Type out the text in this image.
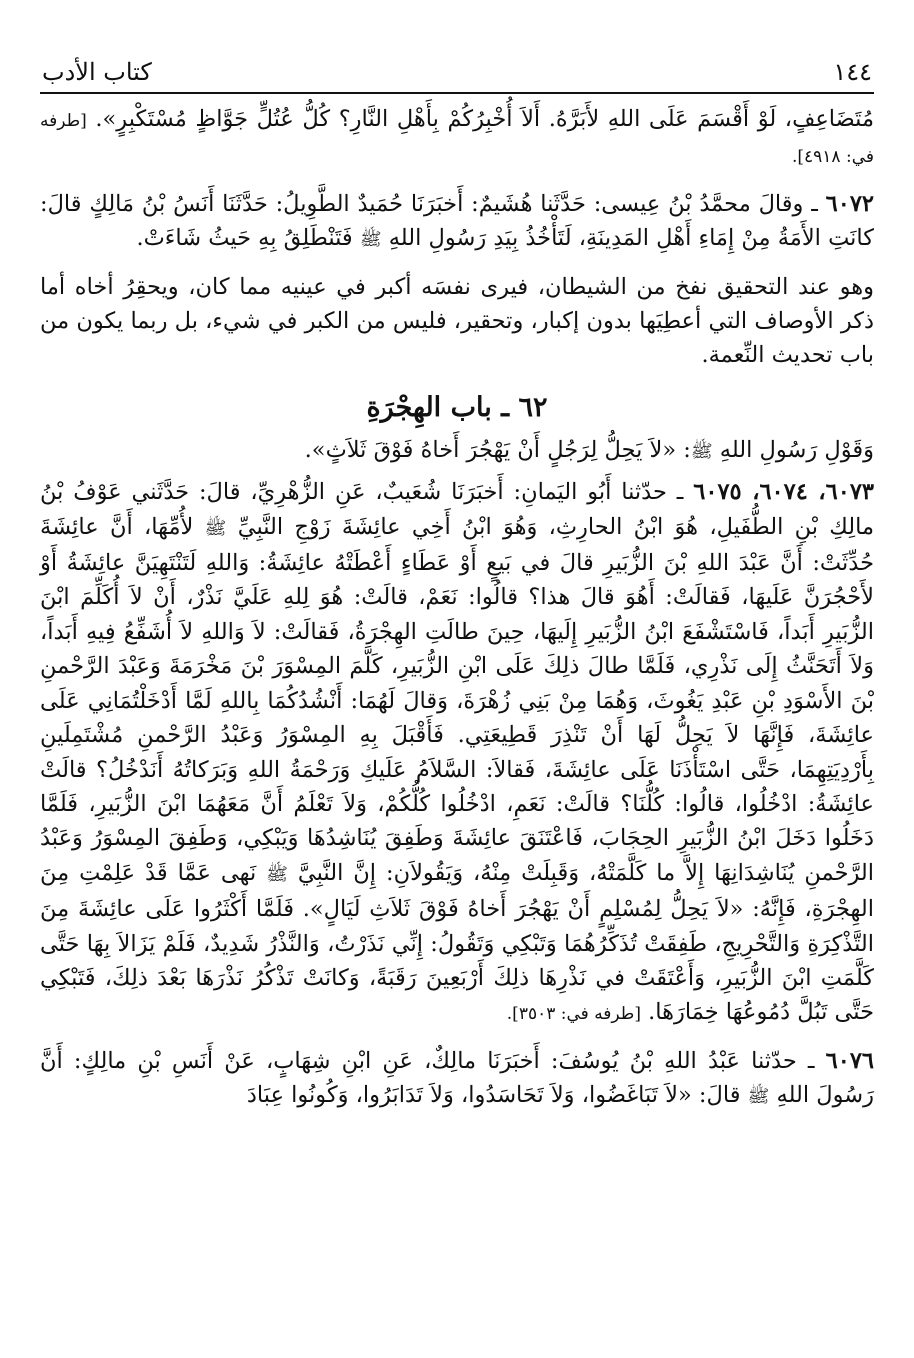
١٤٤
كتاب الأدب

مُتَضَاعِفٍ، لَوْ أَقْسَمَ عَلَى اللهِ لأَبَرَّهُ. أَلاَ أُخْبِرُكُمْ بِأَهْلِ النَّارِ؟ كُلُّ عُتُلٍّ جَوَّاظٍ مُسْتَكْبِرٍ». [طرفه في: ٤٩١٨].

٦٠٧٢ ـ وقالَ محمَّدُ بْنُ عِيسى: حَدَّثَنا هُشَيمٌ: أَخبَرَنَا حُمَيدٌ الطَّوِيلُ: حَدَّثَنَا أَنَسُ بْنُ مَالِكٍ قالَ: كانَتِ الأَمَةُ مِنْ إِمَاءِ أَهْلِ المَدِينَةِ، لَتَأْخُذُ بِيَدِ رَسُولِ اللهِ ﷺ فَتَنْطَلِقُ بِهِ حَيثُ شَاءَتْ.

وهو عند التحقيق نفخ من الشيطان، فيرى نفسَه أكبر في عينيه مما كان، ويحقِرُ أخاه أما ذكر الأوصاف التي أعطِيَها بدون إكبار، وتحقير، فليس من الكبر في شيء، بل ربما يكون من باب تحديث النِّعمة.

٦٢ ـ باب الهِجْرَةِ

وَقَوْلِ رَسُولِ اللهِ ﷺ: «لاَ يَحِلُّ لِرَجُلٍ أَنْ يَهْجُرَ أَخاهُ فَوْقَ ثَلاَثٍ».

٦٠٧٣، ٦٠٧٤، ٦٠٧٥ ـ حدّثنا أَبُو اليَمانِ: أَخبَرَنَا شُعَيبٌ، عَنِ الزُّهْرِيِّ، قالَ: حَدَّثَني عَوْفُ بْنُ مالِكِ بْنِ الطُّفَيلِ، هُوَ ابْنُ الحارِثِ، وَهُوَ ابْنُ أَخِي عائِشَةَ زَوْجِ النَّبِيِّ ﷺ لأُمِّهَا، أَنَّ عائِشَةَ حُدِّثَتْ: أَنَّ عَبْدَ اللهِ بْنَ الزُّبَيرِ قالَ في بَيعٍ أَوْ عَطَاءٍ أَعْطَتْهُ عائِشَةُ: وَاللهِ لَتَنْتَهِيَنَّ عائِشَةُ أَوْ لأَحْجُرَنَّ عَلَيهَا، فَقالَتْ: أَهُوَ قالَ هذا؟ قالُوا: نَعَمْ، قالَتْ: هُوَ لِلهِ عَلَيَّ نَذْرٌ، أَنْ لاَ أُكَلِّمَ ابْنَ الزُّبَيرِ أَبَداً، فَاسْتَشْفَعَ ابْنُ الزُّبَيرِ إِلَيهَا، حِينَ طالَتِ الهِجْرَةُ، فَقالَتْ: لاَ وَاللهِ لاَ أُشَفِّعُ فِيهِ أَبَداً، وَلاَ أَتَحَنَّثُ إِلَى نَذْرِي، فَلَمَّا طالَ ذلِكَ عَلَى ابْنِ الزُّبَيرِ، كَلَّمَ المِسْوَرَ بْنَ مَخْرَمَةَ وَعَبْدَ الرَّحْمنِ بْنَ الأَسْوَدِ بْنِ عَبْدِ يَغُوثَ، وَهُمَا مِنْ بَنِي زُهْرَةَ، وَقالَ لَهُمَا: أَنْشُدُكُمَا بِاللهِ لَمَّا أَدْخَلْتُمَانِي عَلَى عائِشَةَ، فَإِنَّهَا لاَ يَحِلُّ لَهَا أَنْ تَنْذِرَ قَطِيعَتِي. فَأَقْبَلَ بِهِ المِسْوَرُ وَعَبْدُ الرَّحْمنِ مُشْتَمِلَينِ بِأَرْدِيَتِهِمَا، حَتَّى اسْتَأْذَنَا عَلَى عائِشَةَ، فَقالاَ: السَّلاَمُ عَلَيكِ وَرَحْمَةُ اللهِ وَبَرَكاتُهُ أَنَدْخُلُ؟ قالَتْ عائِشَةُ: ادْخُلُوا، قالُوا: كُلُّنَا؟ قالَتْ: نَعَمِ، ادْخُلُوا كُلُّكُمْ، وَلاَ تَعْلَمُ أَنَّ مَعَهُمَا ابْنَ الزُّبَيرِ، فَلَمَّا دَخَلُوا دَخَلَ ابْنُ الزُّبَيرِ الحِجَابَ، فَاعْتَنَقَ عائِشَةَ وَطَفِقَ يُنَاشِدُهَا وَيَبْكِي، وَطَفِقَ المِسْوَرُ وَعَبْدُ الرَّحْمنِ يُنَاشِدَانِهَا إِلاَّ ما كَلَّمَتْهُ، وَقَبِلَتْ مِنْهُ، وَيَقُولاَنِ: إِنَّ النَّبِيَّ ﷺ نَهى عَمَّا قَدْ عَلِمْتِ مِنَ الهِجْرَةِ، فَإِنَّهُ: «لاَ يَحِلُّ لِمُسْلِمٍ أَنْ يَهْجُرَ أَخاهُ فَوْقَ ثَلاَثِ لَيَالٍ». فَلَمَّا أَكْثَرُوا عَلَى عائِشَةَ مِنَ التَّذْكِرَةِ وَالتَّحْرِيجِ، طَفِقَتْ تُذَكِّرُهُمَا وَتَبْكِي وَتَقُولُ: إِنِّي نَذَرْتُ، وَالنَّذْرُ شَدِيدٌ، فَلَمْ يَزَالاَ بِهَا حَتَّى كَلَّمَتِ ابْنَ الزُّبَيرِ، وَأَعْتَقَتْ في نَذْرِهَا ذلِكَ أَرْبَعِينَ رَقَبَةً، وَكانَتْ تَذْكُرُ نَذْرَهَا بَعْدَ ذلِكَ، فَتَبْكِي حَتَّى تَبُلَّ دُمُوعُهَا خِمَارَهَا. [طرفه في: ٣٥٠٣].

٦٠٧٦ ـ حدّثنا عَبْدُ اللهِ بْنُ يُوسُفَ: أَخبَرَنَا مالِكٌ، عَنِ ابْنِ شِهَابٍ، عَنْ أَنَسِ بْنِ مالِكٍ: أَنَّ رَسُولَ اللهِ ﷺ قالَ: «لاَ تَبَاغَضُوا، وَلاَ تَحَاسَدُوا، وَلاَ تَدَابَرُوا، وَكُونُوا عِبَادَ
